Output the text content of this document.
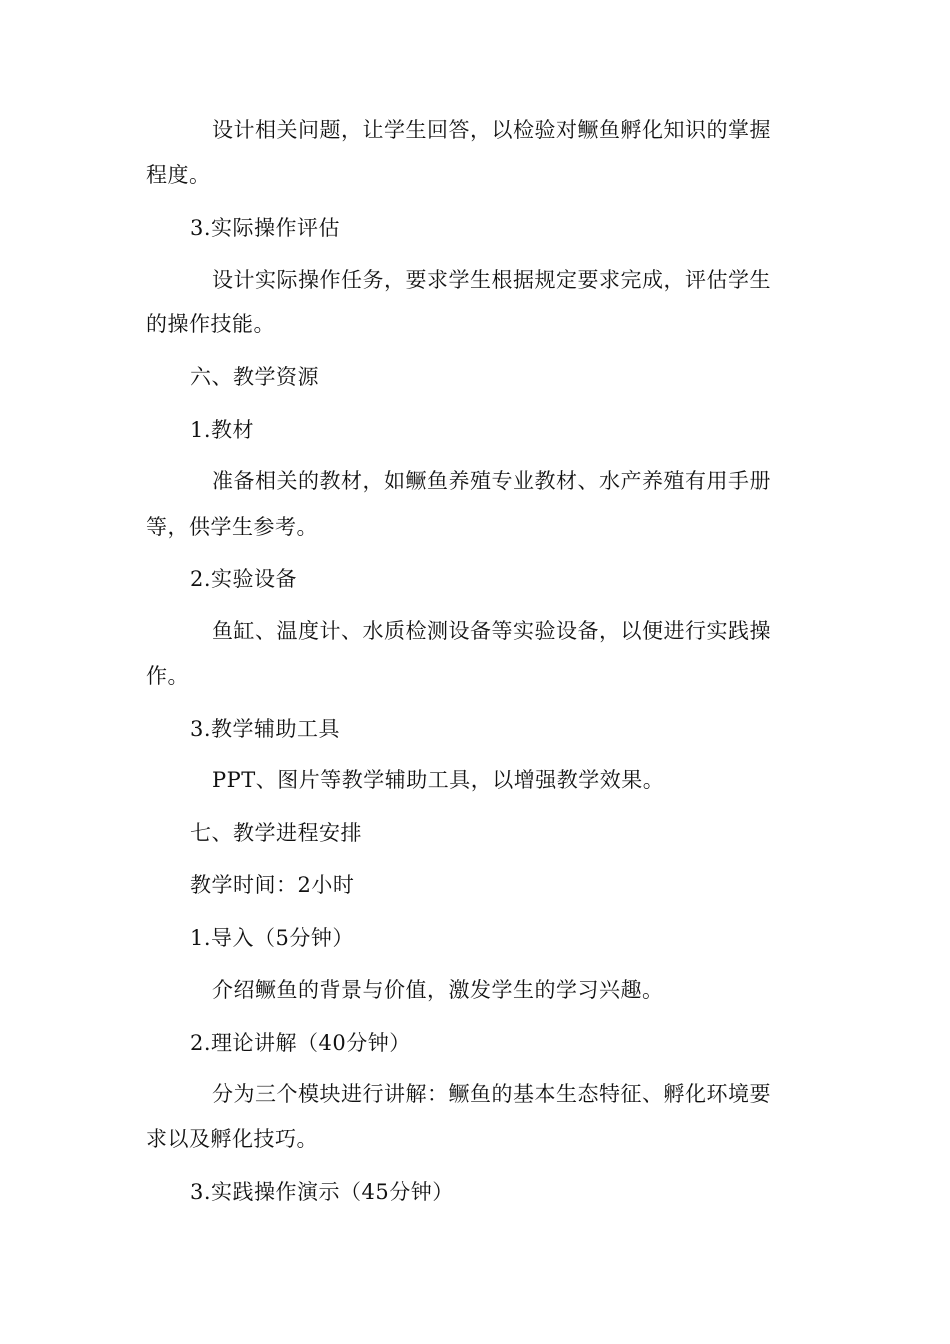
设计相关问题，让学生回答，以检验对鳜鱼孵化知识的掌握
程度。
3.实际操作评估
设计实际操作任务，要求学生根据规定要求完成，评估学生
的操作技能。
六、教学资源
1.教材
准备相关的教材，如鳜鱼养殖专业教材、水产养殖有用手册
等，供学生参考。
2.实验设备
鱼缸、温度计、水质检测设备等实验设备，以便进行实践操
作。
3.教学辅助工具
PPT、图片等教学辅助工具，以增强教学效果。
七、教学进程安排
教学时间：2小时
1.导入（5分钟）
介绍鳜鱼的背景与价值，激发学生的学习兴趣。
2.理论讲解（40分钟）
分为三个模块进行讲解：鳜鱼的基本生态特征、孵化环境要
求以及孵化技巧。
3.实践操作演示（45分钟）
